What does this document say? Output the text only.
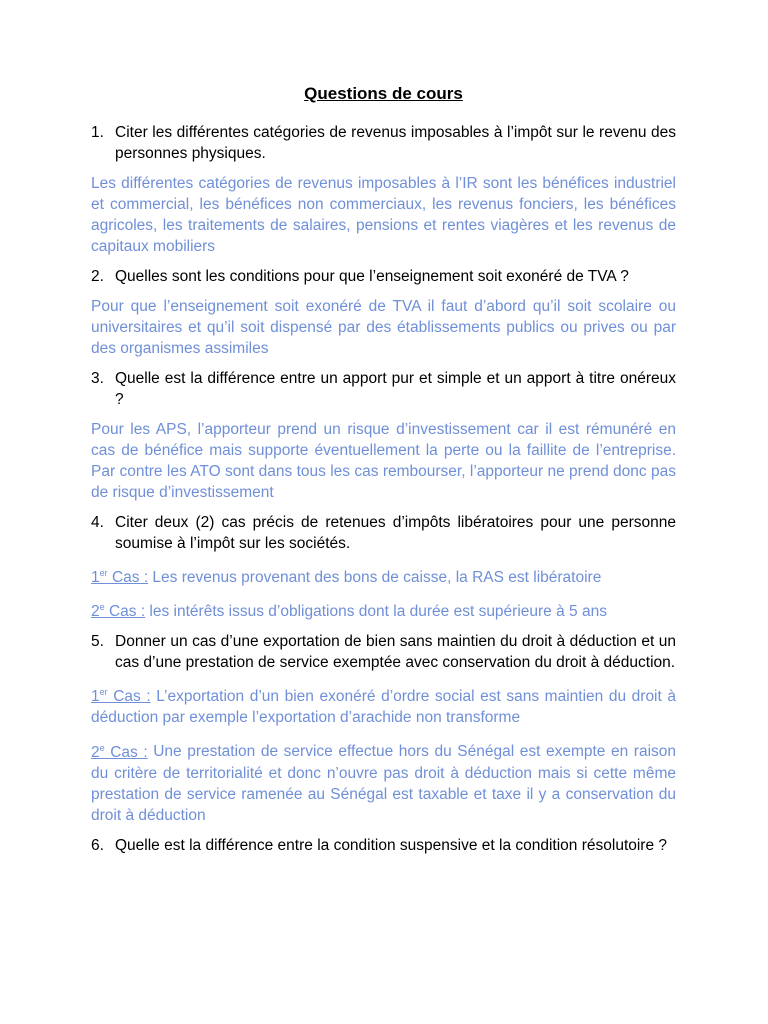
Questions de cours
1. Citer les différentes catégories de revenus imposables à l’impôt sur le revenu des personnes physiques.

Les différentes catégories de revenus imposables à l’IR sont les bénéfices industriel et commercial, les bénéfices non commerciaux, les revenus fonciers, les bénéfices agricoles, les traitements de salaires, pensions et rentes viagères et les revenus de capitaux mobiliers

2. Quelles sont les conditions pour que l’enseignement soit exonéré de TVA ?

Pour que l’enseignement soit exonéré de TVA il faut d’abord qu’il soit scolaire ou universitaires et qu’il soit dispensé par des établissements publics ou prives ou par des organismes assimiles

3. Quelle est la différence entre un apport pur et simple et un apport à titre onéreux ?

Pour les APS, l’apporteur prend un risque d’investissement car il est rémunéré en cas de bénéfice mais supporte éventuellement la perte ou la faillite de l’entreprise. Par contre les ATO sont dans tous les cas rembourser, l’apporteur ne prend donc pas de risque d’investissement

4. Citer deux (2) cas précis de retenues d’impôts libératoires pour une personne soumise à l’impôt sur les sociétés.

1er Cas : Les revenus provenant des bons de caisse, la RAS est libératoire

2e Cas : les intérêts issus d’obligations dont la durée est supérieure à 5 ans

5. Donner un cas d’une exportation de bien sans maintien du droit à déduction et un cas d’une prestation de service exemptée avec conservation du droit à déduction.

1er Cas : L’exportation d’un bien exonéré d’ordre social est sans maintien du droit à déduction par exemple l’exportation d’arachide non transforme

2e Cas : Une prestation de service effectue hors du Sénégal est exempte en raison du critère de territorialité et donc n’ouvre pas droit à déduction mais si cette même prestation de service ramenée au Sénégal est taxable et taxe il y a conservation du droit à déduction

6. Quelle est la différence entre la condition suspensive et la condition résolutoire ?
